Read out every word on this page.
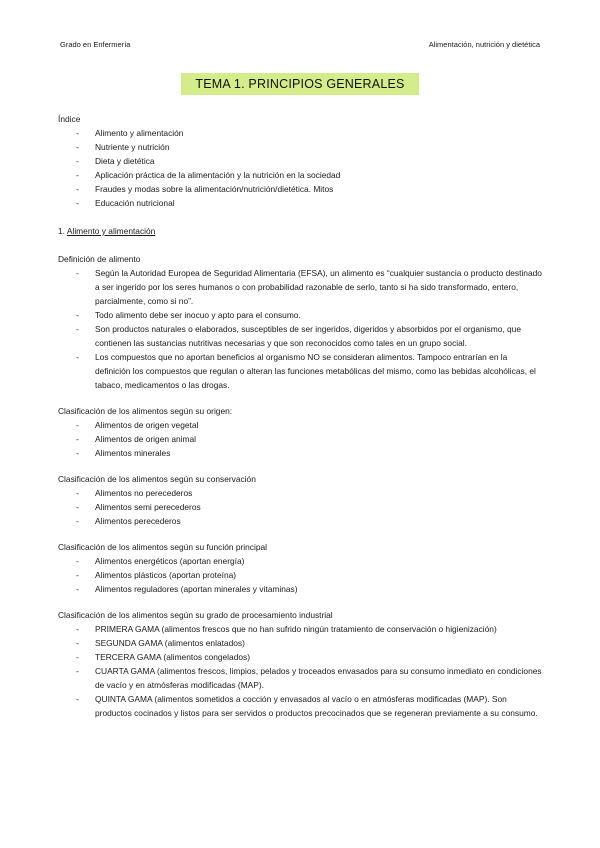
Grado en Enfermería	Alimentación, nutrición y dietética
TEMA 1. PRINCIPIOS GENERALES

Índice

- Alimento y alimentación
- Nutriente y nutrición
- Dieta y dietética
- Aplicación práctica de la alimentación y la nutrición en la sociedad
- Fraudes y modas sobre la alimentación/nutrición/dietética. Mitos
- Educación nutricional

1. Alimento y alimentación

Definición de alimento

- Según la Autoridad Europea de Seguridad Alimentaria (EFSA), un alimento es “cualquier sustancia o producto destinado a ser ingerido por los seres humanos o con probabilidad razonable de serlo, tanto si ha sido transformado, entero, parcialmente, como si no”.
- Todo alimento debe ser inocuo y apto para el consumo.
- Son productos naturales o elaborados, susceptibles de ser ingeridos, digeridos y absorbidos por el organismo, que contienen las sustancias nutritivas necesarias y que son reconocidos como tales en un grupo social.
- Los compuestos que no aportan beneficios al organismo NO se consideran alimentos. Tampoco entrarían en la definición los compuestos que regulan o alteran las funciones metabólicas del mismo, como las bebidas alcohólicas, el tabaco, medicamentos o las drogas.

Clasificación de los alimentos según su origen:

- Alimentos de origen vegetal
- Alimentos de origen animal
- Alimentos minerales

Clasificación de los alimentos según su conservación

- Alimentos no perecederos
- Alimentos semi perecederos
- Alimentos perecederos

Clasificación de los alimentos según su función principal

- Alimentos energéticos (aportan energía)
- Alimentos plásticos (aportan proteína)
- Alimentos reguladores (aportan minerales y vitaminas)

Clasificación de los alimentos según su grado de procesamiento industrial

- PRIMERA GAMA (alimentos frescos que no han sufrido ningún tratamiento de conservación o higienización)
- SEGUNDA GAMA (alimentos enlatados)
- TERCERA GAMA (alimentos congelados)
- CUARTA GAMA (alimentos frescos, limpios, pelados y troceados envasados para su consumo inmediato en condiciones de vacío y en atmósferas modificadas (MAP).
- QUINTA GAMA (alimentos sometidos a cocción y envasados al vacío o en atmósferas modificadas (MAP). Son productos cocinados y listos para ser servidos o productos precocinados que se regeneran previamente a su consumo.
